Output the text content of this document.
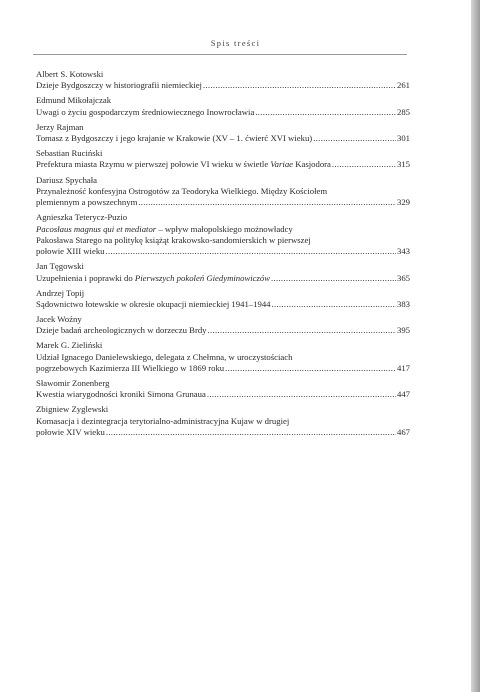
Spis treści
Albert S. Kotowski
Dzieje Bydgoszczy w historiografii niemieckiej .....	261
Edmund Mikołajczak
Uwagi o życiu gospodarczym średniowiecznego Inowrocławia .....	285
Jerzy Rajman
Tomasz z Bydgoszczy i jego krajanie w Krakowie (XV – 1. ćwierć XVI wieku) .....	301
Sebastian Ruciński
Prefektura miasta Rzymu w pierwszej połowie VI wieku w świetle Variae Kasjodora .....	315
Dariusz Spychała
Przynależność konfesyjna Ostrogotów za Teodoryka Wielkiego. Między Kościołem
plemiennym a powszechnym .....	329
Agnieszka Teterycz-Puzio
Pacosłaus magnus qui et mediator – wpływ małopolskiego możnowładcy
Pakosława Starego na politykę książąt krakowsko-sandomierskich w pierwszej
połowie XIII wieku .....	343
Jan Tęgowski
Uzupełnienia i poprawki do Pierwszych pokoleń Giedyminowiczów .....	365
Andrzej Topij
Sądownictwo łotewskie w okresie okupacji niemieckiej 1941–1944 .....	383
Jacek Woźny
Dzieje badań archeologicznych w dorzeczu Brdy .....	395
Marek G. Zieliński
Udział Ignacego Danielewskiego, delegata z Chełmna, w uroczystościach
pogrzebowych Kazimierza III Wielkiego w 1869 roku .....	417
Sławomir Zonenberg
Kwestia wiarygodności kroniki Simona Grunaua .....	447
Zbigniew Zyglewski
Komasacja i dezintegracja terytorialno-administracyjna Kujaw w drugiej
połowie XIV wieku .....	467
